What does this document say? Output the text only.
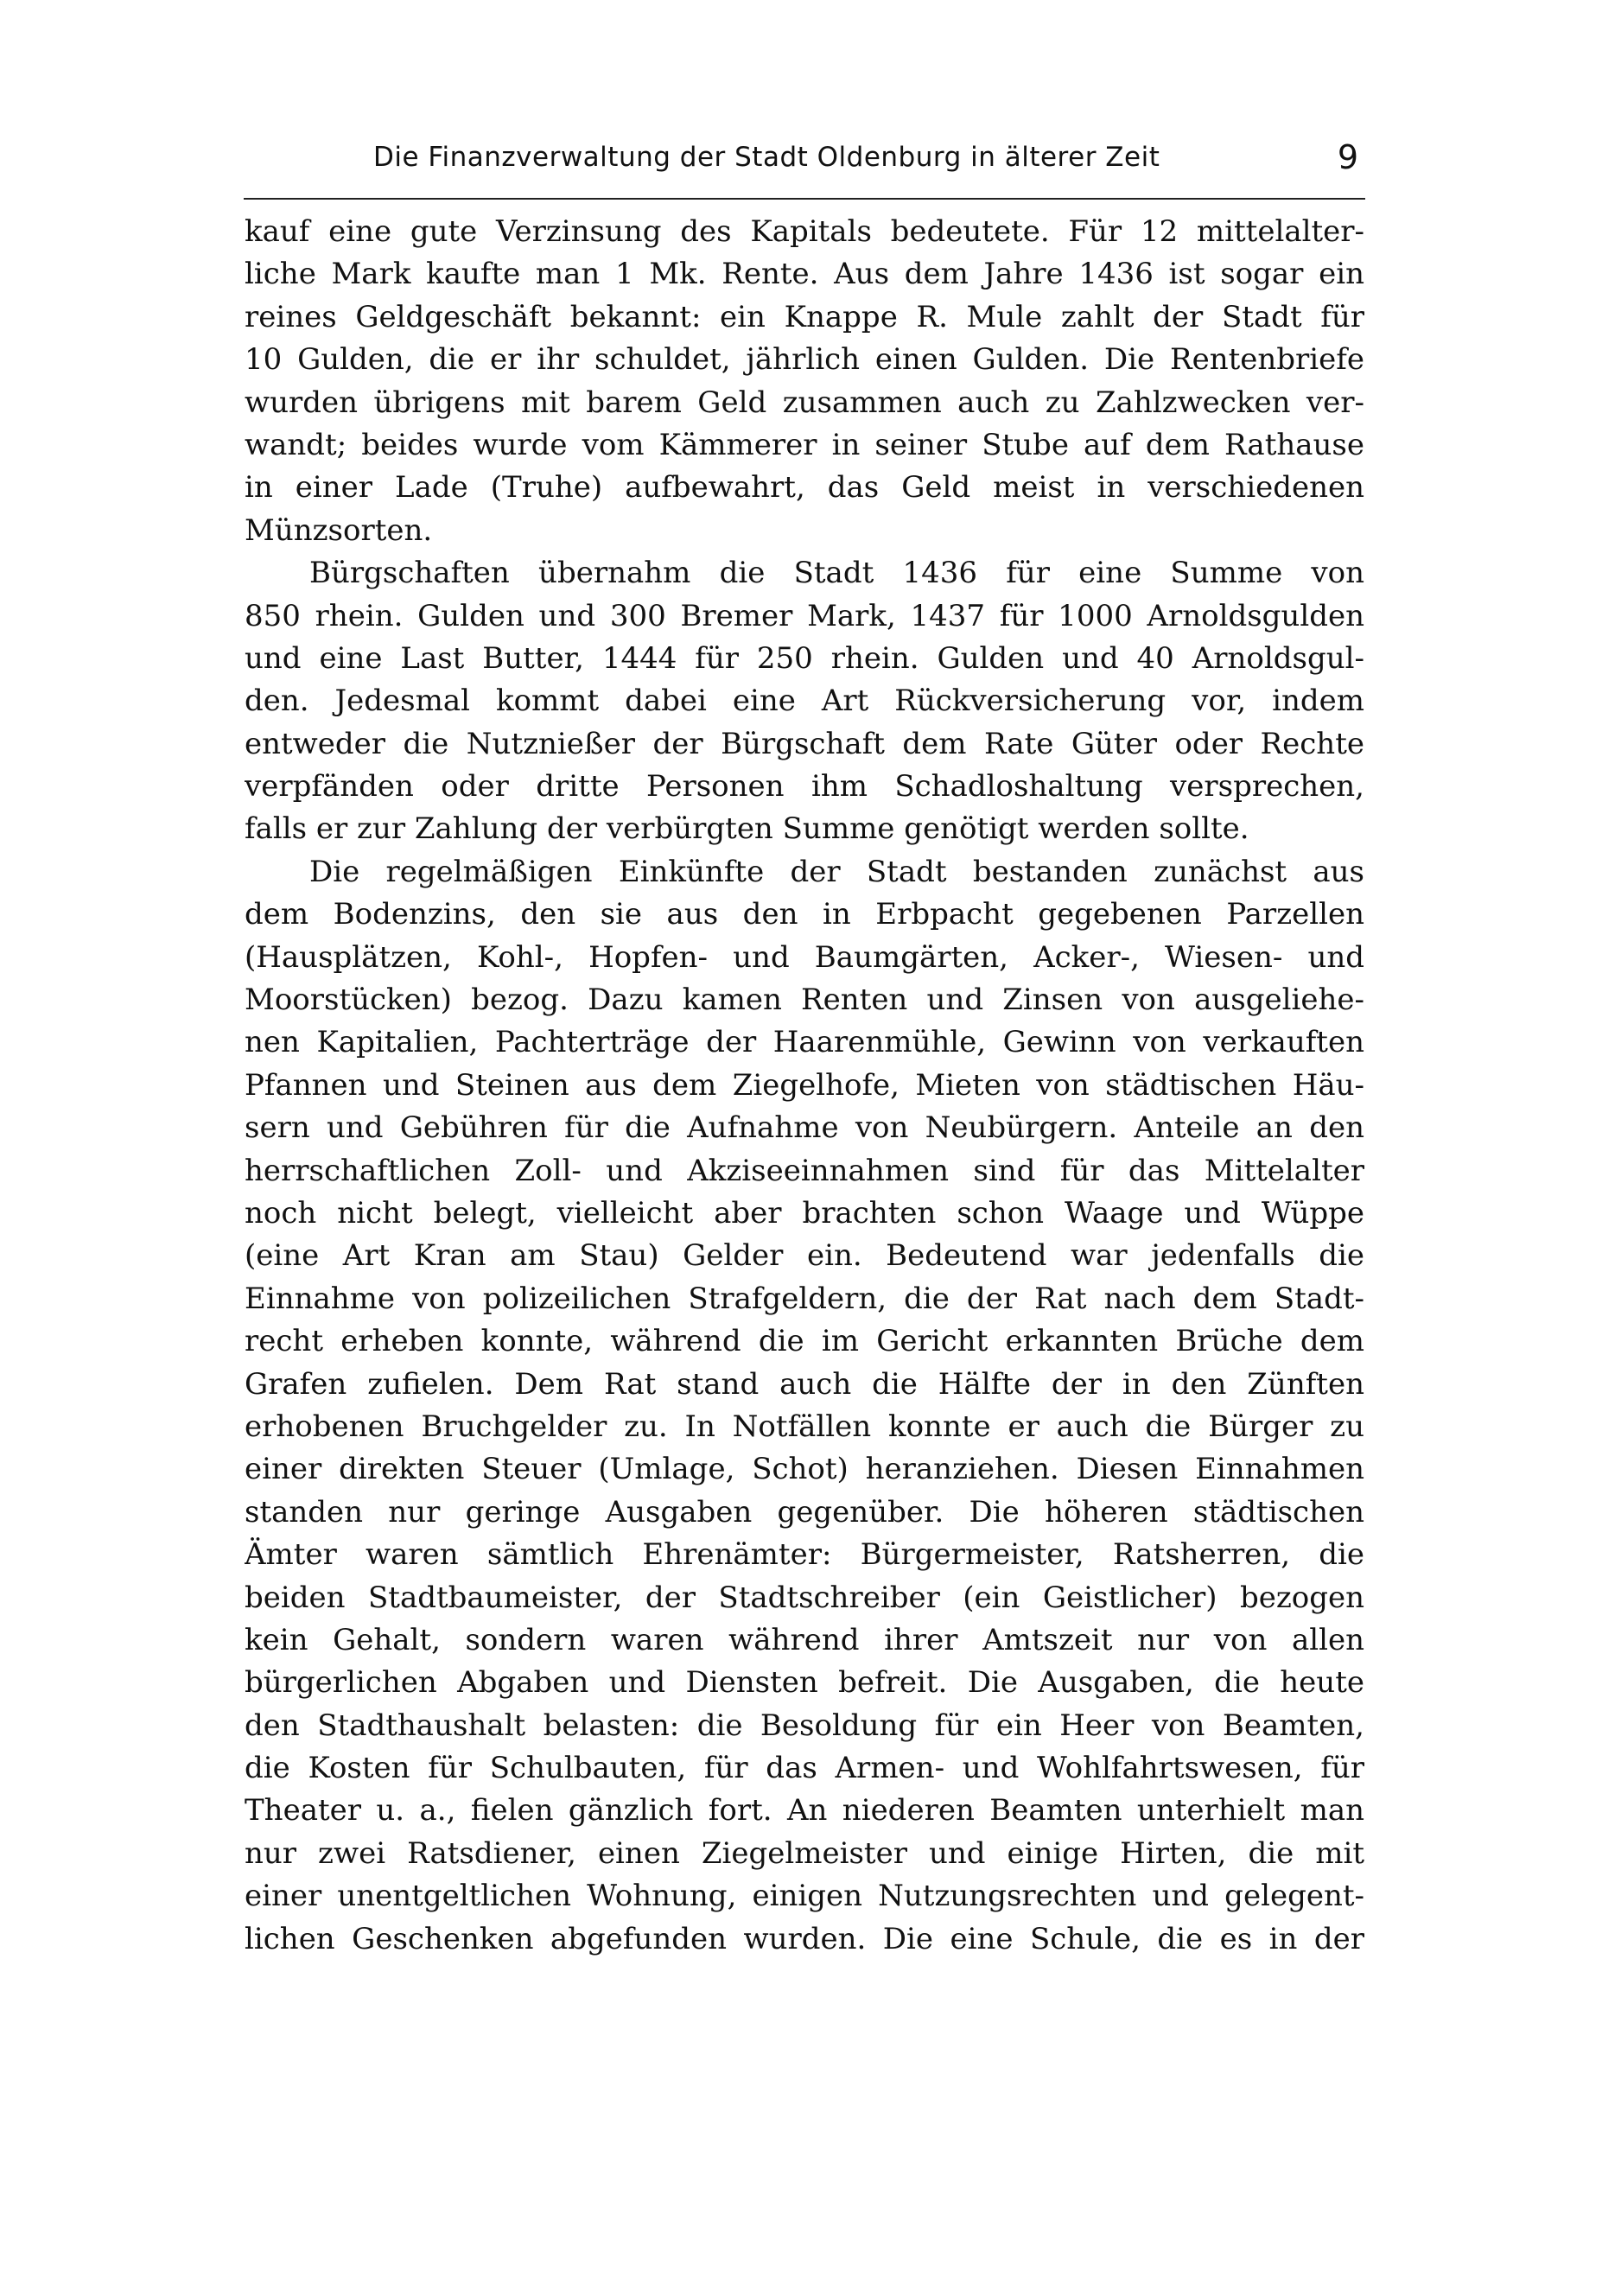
Die Finanzverwaltung der Stadt Oldenburg in älterer Zeit	9
kauf eine gute Verzinsung des Kapitals bedeutete. Für 12 mittelalter-
liche Mark kaufte man 1 Mk. Rente. Aus dem Jahre 1436 ist sogar ein
reines Geldgeschäft bekannt: ein Knappe R. Mule zahlt der Stadt für
10 Gulden, die er ihr schuldet, jährlich einen Gulden. Die Rentenbriefe
wurden übrigens mit barem Geld zusammen auch zu Zahlzwecken ver-
wandt; beides wurde vom Kämmerer in seiner Stube auf dem Rathause
in einer Lade (Truhe) aufbewahrt, das Geld meist in verschiedenen
Münzsorten.
Bürgschaften übernahm die Stadt 1436 für eine Summe von
850 rhein. Gulden und 300 Bremer Mark, 1437 für 1000 Arnoldsgulden
und eine Last Butter, 1444 für 250 rhein. Gulden und 40 Arnoldsgul-
den. Jedesmal kommt dabei eine Art Rückversicherung vor, indem
entweder die Nutznießer der Bürgschaft dem Rate Güter oder Rechte
verpfänden oder dritte Personen ihm Schadloshaltung versprechen,
falls er zur Zahlung der verbürgten Summe genötigt werden sollte.
Die regelmäßigen Einkünfte der Stadt bestanden zunächst aus
dem Bodenzins, den sie aus den in Erbpacht gegebenen Parzellen
(Hausplätzen, Kohl-, Hopfen- und Baumgärten, Acker-, Wiesen- und
Moorstücken) bezog. Dazu kamen Renten und Zinsen von ausgeliehe-
nen Kapitalien, Pachterträge der Haarenmühle, Gewinn von verkauften
Pfannen und Steinen aus dem Ziegelhofe, Mieten von städtischen Häu-
sern und Gebühren für die Aufnahme von Neubürgern. Anteile an den
herrschaftlichen Zoll- und Akziseeinnahmen sind für das Mittelalter
noch nicht belegt, vielleicht aber brachten schon Waage und Wüppe
(eine Art Kran am Stau) Gelder ein. Bedeutend war jedenfalls die
Einnahme von polizeilichen Strafgeldern, die der Rat nach dem Stadt-
recht erheben konnte, während die im Gericht erkannten Brüche dem
Grafen zufielen. Dem Rat stand auch die Hälfte der in den Zünften
erhobenen Bruchgelder zu. In Notfällen konnte er auch die Bürger zu
einer direkten Steuer (Umlage, Schot) heranziehen. Diesen Einnahmen
standen nur geringe Ausgaben gegenüber. Die höheren städtischen
Ämter waren sämtlich Ehrenämter: Bürgermeister, Ratsherren, die
beiden Stadtbaumeister, der Stadtschreiber (ein Geistlicher) bezogen
kein Gehalt, sondern waren während ihrer Amtszeit nur von allen
bürgerlichen Abgaben und Diensten befreit. Die Ausgaben, die heute
den Stadthaushalt belasten: die Besoldung für ein Heer von Beamten,
die Kosten für Schulbauten, für das Armen- und Wohlfahrtswesen, für
Theater u. a., fielen gänzlich fort. An niederen Beamten unterhielt man
nur zwei Ratsdiener, einen Ziegelmeister und einige Hirten, die mit
einer unentgeltlichen Wohnung, einigen Nutzungsrechten und gelegent-
lichen Geschenken abgefunden wurden. Die eine Schule, die es in der
